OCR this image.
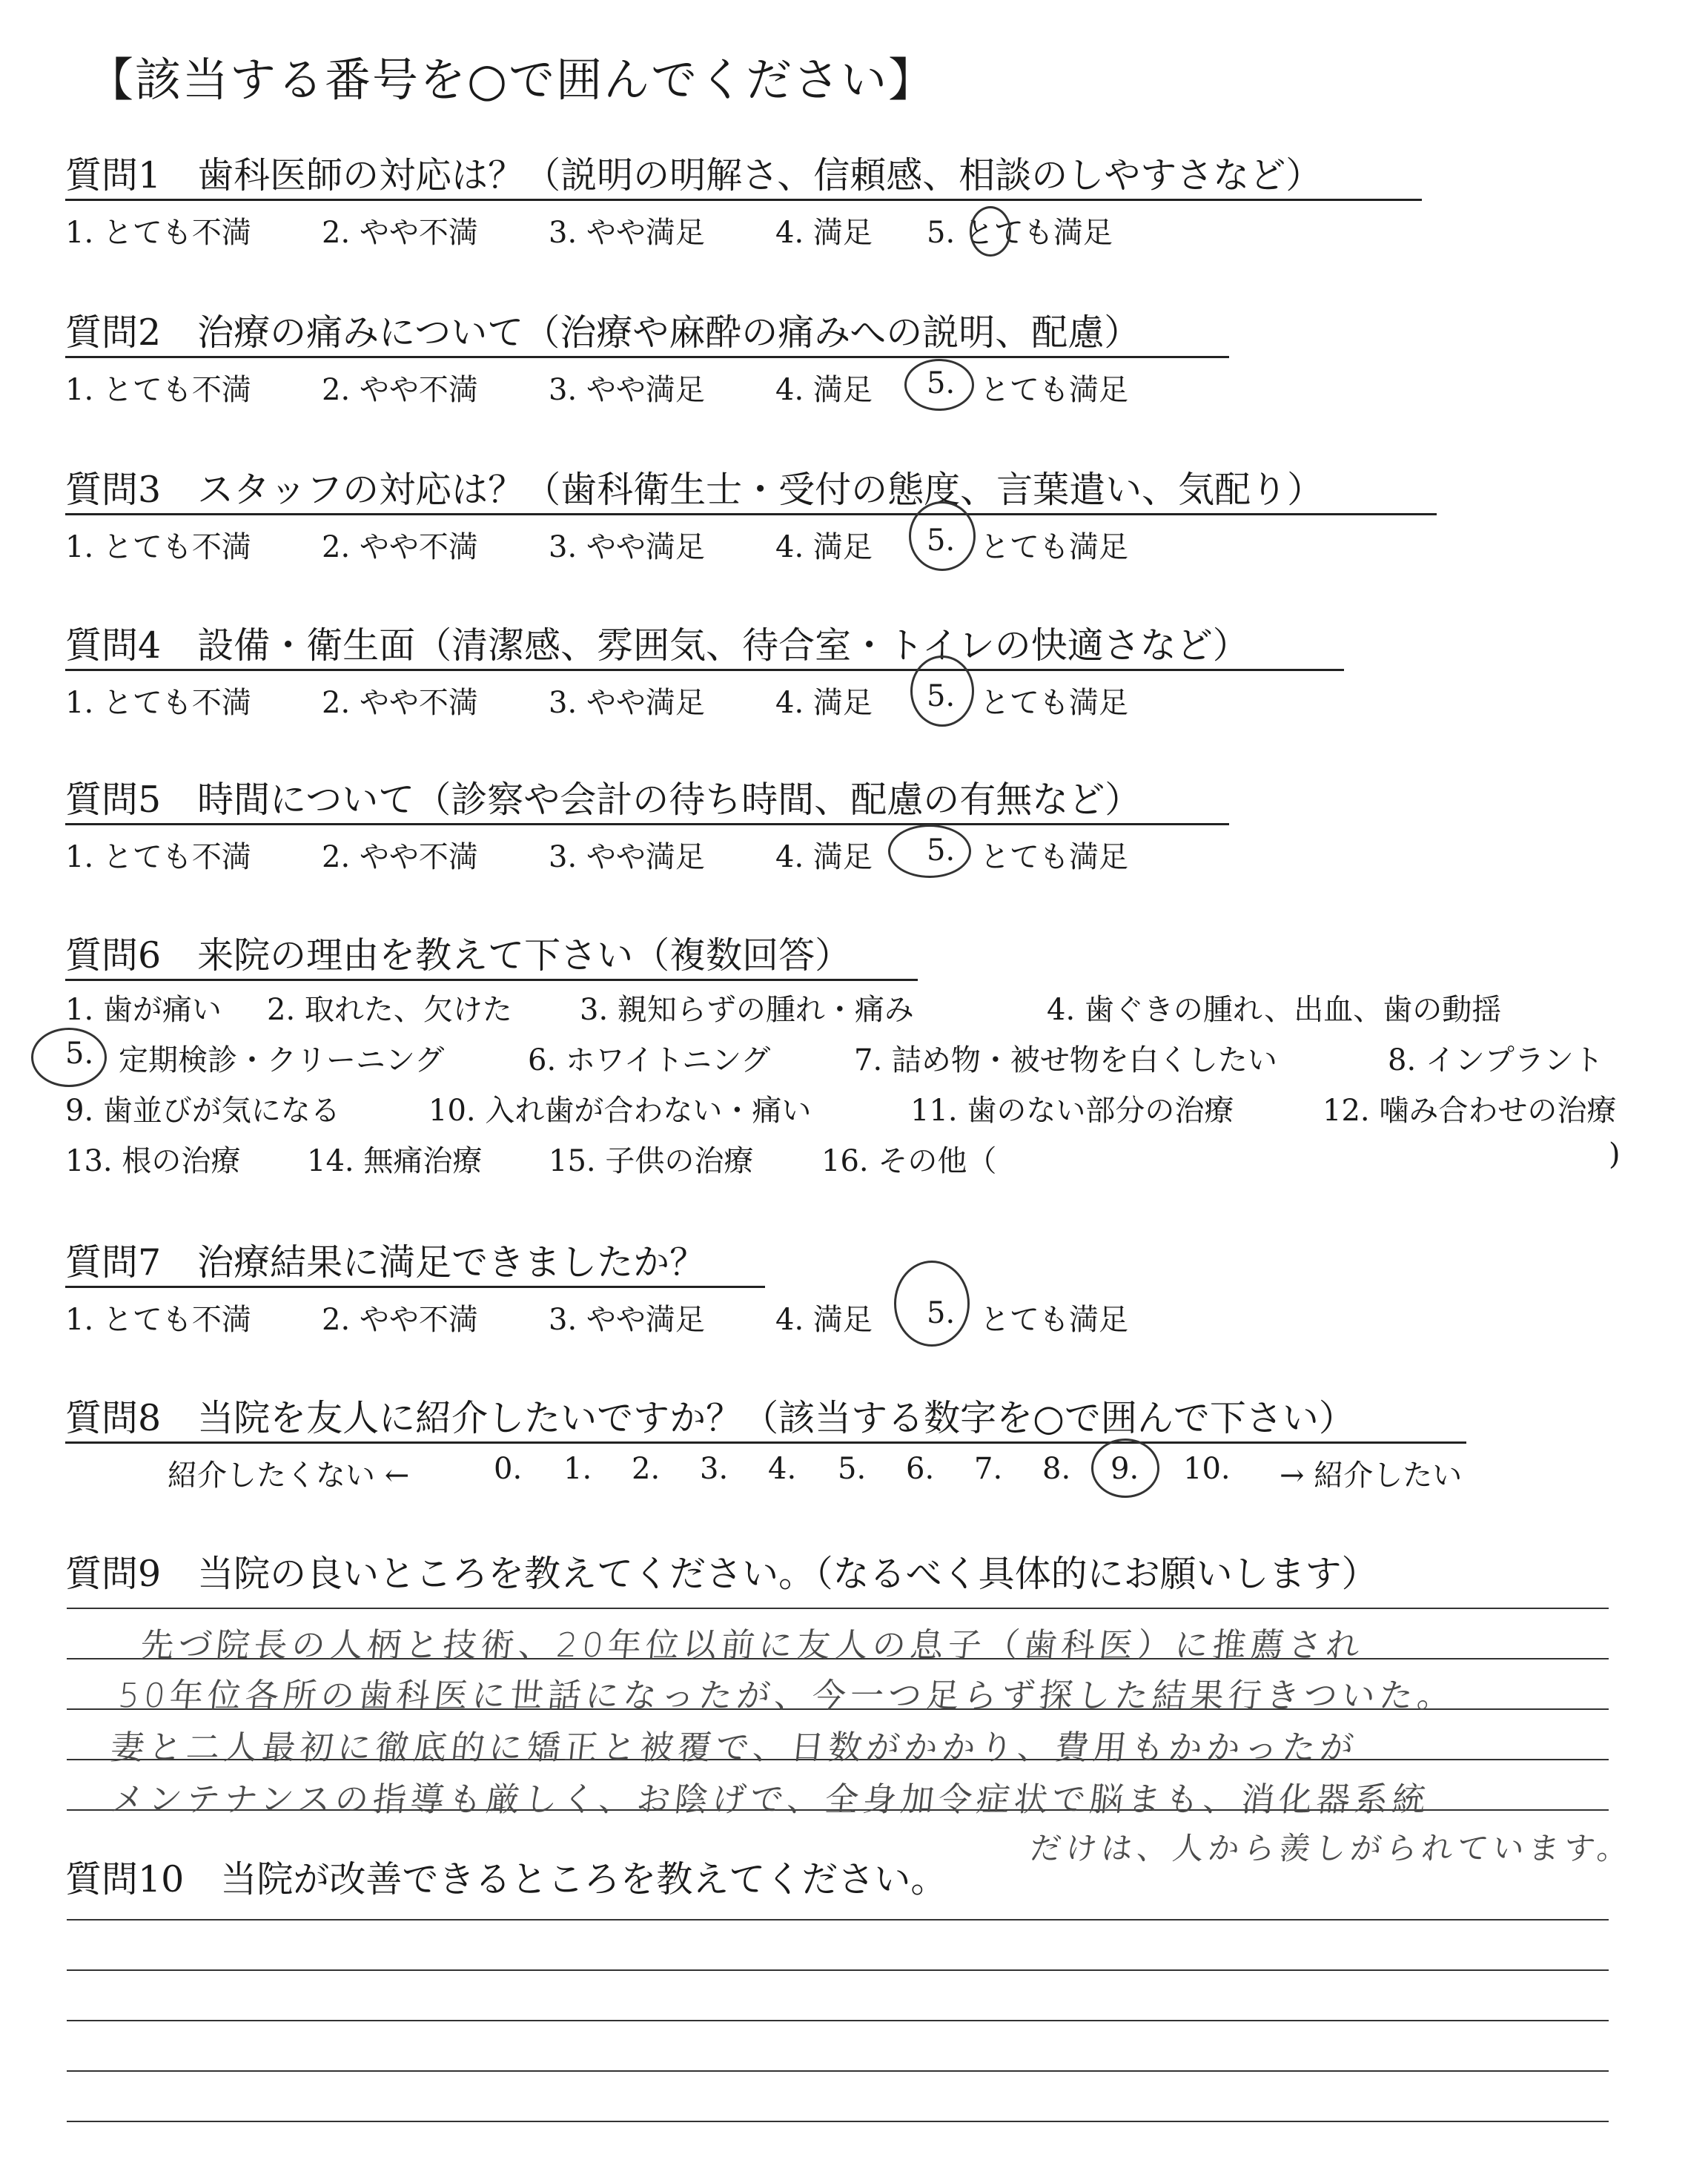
【該当する番号を○で囲んでください】
質問1　歯科医師の対応は？（説明の明解さ、信頼感、相談のしやすさなど）
1. とても不満 2. やや不満 3. やや満足 4. 満足 5. とても満足
質問2　治療の痛みについて（治療や麻酔の痛みへの説明、配慮）
1. とても不満 2. やや不満 3. やや満足 4. 満足 5. とても満足
質問3　スタッフの対応は？（歯科衛生士・受付の態度、言葉遣い、気配り）
1. とても不満 2. やや不満 3. やや満足 4. 満足 5. とても満足
質問4　設備・衛生面（清潔感、雰囲気、待合室・トイレの快適さなど）
1. とても不満 2. やや不満 3. やや満足 4. 満足 5. とても満足
質問5　時間について（診察や会計の待ち時間、配慮の有無など）
1. とても不満 2. やや不満 3. やや満足 4. 満足 5. とても満足
質問6　来院の理由を教えて下さい（複数回答）
1. 歯が痛い 2. 取れた、欠けた 3. 親知らずの腫れ・痛み	4. 歯ぐきの腫れ、出血、歯の動揺
5. 定期検診・クリーニング	6. ホワイトニング	7. 詰め物・被せ物を白くしたい	8. インプラント
9. 歯並びが気になる	10. 入れ歯が合わない・痛い	11. 歯のない部分の治療	12. 噛み合わせの治療
13. 根の治療 14. 無痛治療 15. 子供の治療 16. その他（	)
質問7　治療結果に満足できましたか？
1. とても不満 2. やや不満 3. やや満足 4. 満足 5. とても満足
質問8　当院を友人に紹介したいですか？（該当する数字を○で囲んで下さい）
紹介したくない ←	0. 1. 2. 3. 4. 5. 6. 7. 8. 9. 10. → 紹介したい
質問9　当院の良いところを教えてください。（なるべく具体的にお願いします）
先づ院長の人柄と技術、20年位以前に友人の息子（歯科医）に推薦され
50年位各所の歯科医に世話になったが、今一つ足らず探した結果行きついた。
妻と二人最初に徹底的に矯正と被覆で、日数がかかり、費用もかかったが
メンテナンスの指導も厳しく、お陰げで、全身加令症状で脳まも、消化器系統
だけは、人から羨しがられています。
質問10　当院が改善できるところを教えてください。
